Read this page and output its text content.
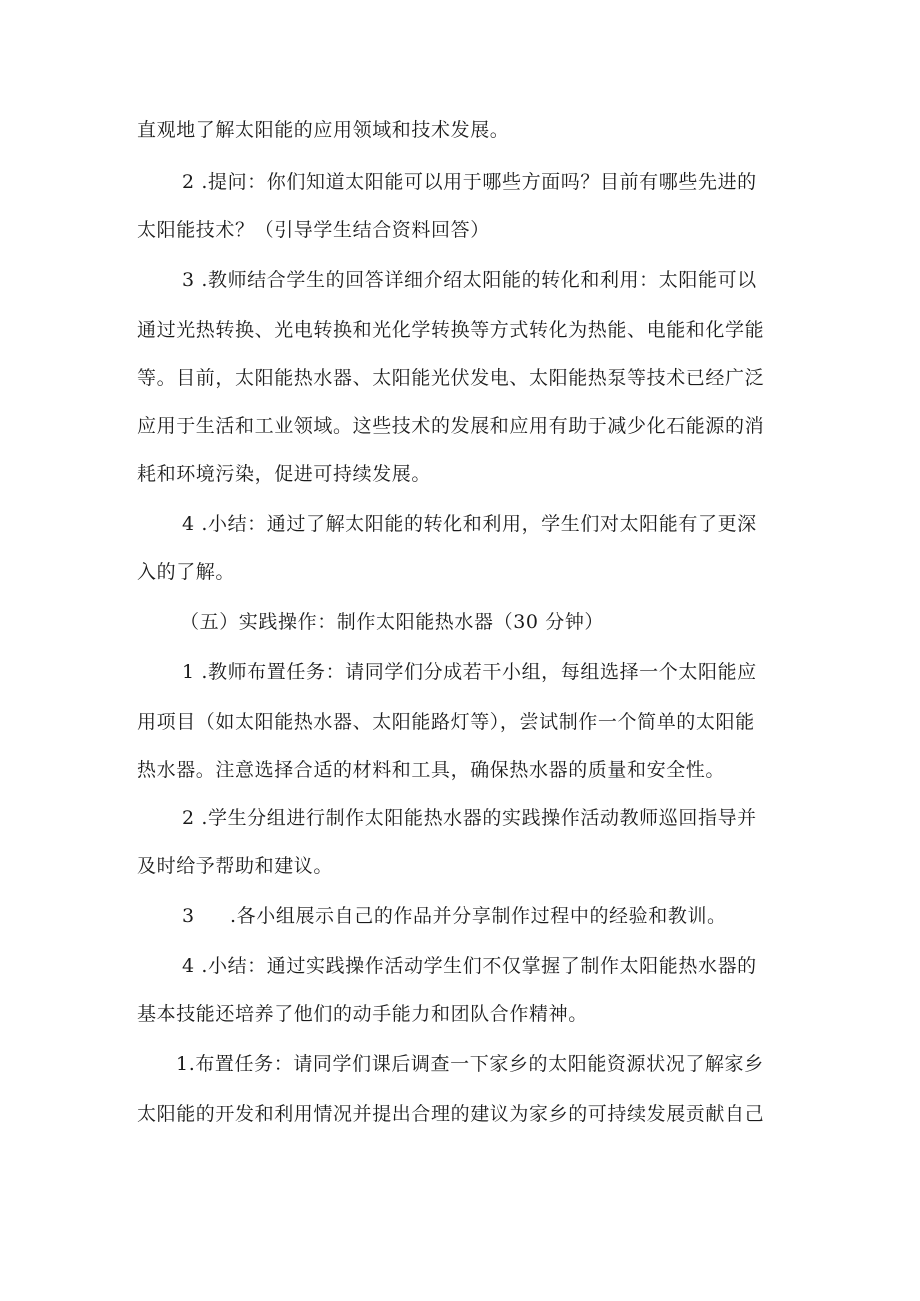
直观地了解太阳能的应用领域和技术发展。
2 .提问：你们知道太阳能可以用于哪些方面吗？目前有哪些先进的
太阳能技术？（引导学生结合资料回答）
3 .教师结合学生的回答详细介绍太阳能的转化和利用：太阳能可以
通过光热转换、光电转换和光化学转换等方式转化为热能、电能和化学能
等。目前，太阳能热水器、太阳能光伏发电、太阳能热泵等技术已经广泛
应用于生活和工业领域。这些技术的发展和应用有助于减少化石能源的消
耗和环境污染，促进可持续发展。
4 .小结：通过了解太阳能的转化和利用，学生们对太阳能有了更深
入的了解。
（五）实践操作：制作太阳能热水器（30 分钟）
1 .教师布置任务：请同学们分成若干小组，每组选择一个太阳能应
用项目（如太阳能热水器、太阳能路灯等），尝试制作一个简单的太阳能
热水器。注意选择合适的材料和工具，确保热水器的质量和安全性。
2 .学生分组进行制作太阳能热水器的实践操作活动教师巡回指导并
及时给予帮助和建议。
3 .各小组展示自己的作品并分享制作过程中的经验和教训。
4 .小结：通过实践操作活动学生们不仅掌握了制作太阳能热水器的
基本技能还培养了他们的动手能力和团队合作精神。
1.布置任务：请同学们课后调查一下家乡的太阳能资源状况了解家乡
太阳能的开发和利用情况并提出合理的建议为家乡的可持续发展贡献自己
